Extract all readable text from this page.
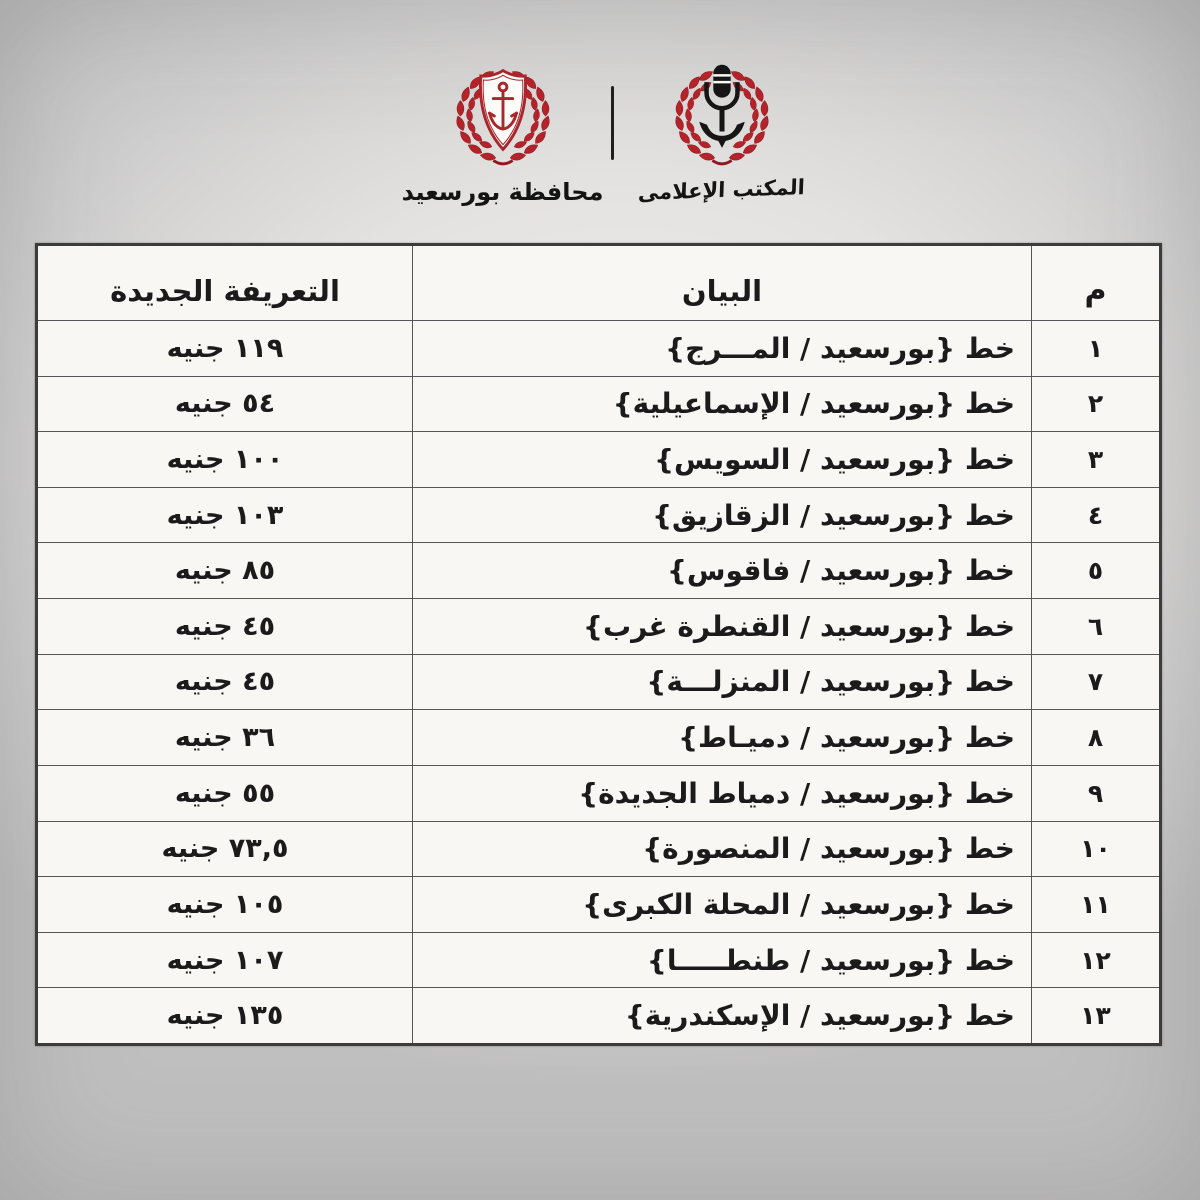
محافظة بورسعيد المكتب الإعلامى
م
البيان
التعريفة الجديدة
١
خط {بورسعيد / المـــرج}
١١٩ جنيه
٢
خط {بورسعيد / الإسماعيلية}
٥٤ جنيه
٣
خط {بورسعيد / السويس}
١٠٠ جنيه
٤
خط {بورسعيد / الزقازيق}
١٠٣ جنيه
٥
خط {بورسعيد / فاقوس}
٨٥ جنيه
٦
خط {بورسعيد / القنطرة غرب}
٤٥ جنيه
٧
خط {بورسعيد / المنزلـــة}
٤٥ جنيه
٨
خط {بورسعيد / دميـاط}
٣٦ جنيه
٩
خط {بورسعيد / دمياط الجديدة}
٥٥ جنيه
١٠
خط {بورسعيد / المنصورة}
٧٣,٥ جنيه
١١
خط {بورسعيد / المحلة الكبرى}
١٠٥ جنيه
١٢
خط {بورسعيد / طنطـــــا}
١٠٧ جنيه
١٣
خط {بورسعيد / الإسكندرية}
١٣٥ جنيه
